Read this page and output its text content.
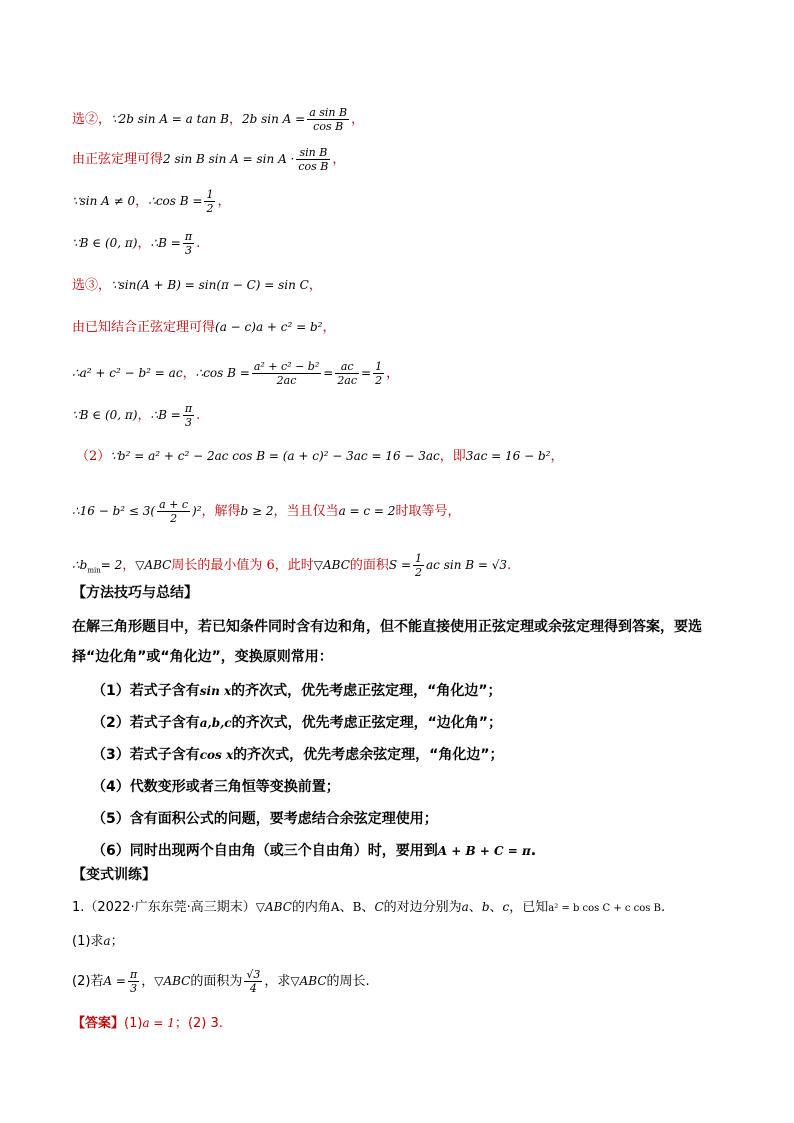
选②，∵2b sin A = a tan B，2b $\sin A = \frac{\text{a sin B}}{\text{cos B}}$ ，
由正弦定理可得2 sin B $\sin A = \sin A \cdot \frac{\text{sin B}}{\text{cos B}}$ ，
∵sin A ≠ 0，∴cos $B = \frac{1}{2}$ ，
∵B ∈ (0, π)，∴B = $\frac{\pi}{3}$ .
选③，∵sin(A + B) = sin(π − C) = sin C，
由已知结合正弦定理可得(a − c)a + c² = b²，
∴a² + c² − b² = ac，∴cos $B = \frac{\text{a² + c² − b²}}{2ac} = \frac{ac}{2ac} = \frac{1}{2}$ ，
∵B ∈ (0, π)，∴B = $\frac{\pi}{3}$ .
（2）∵b² = a² + c² − 2ac cos B = (a + c)² − 3ac = 16 − 3ac，即3ac = 16 − b²，
∴16 − $b^2 \le 3( \frac{a + c}{2} )^2$，解得b ≥ 2，当且仅当a = c = 2时取等号，
$\therefore b_{min}= 2$，▽ABC周长的最小值为 6，此时▽ABC的面积$S = \frac{1}{2}$ ac sin B = √3.
【方法技巧与总结】
在解三角形题目中，若已知条件同时含有边和角，但不能直接使用正弦定理或余弦定理得到答案，要选择“边化角”或“角化边”，变换原则常用：
（1）若式子含有sin x的齐次式，优先考虑正弦定理，“角化边”；
（2）若式子含有a,b,c的齐次式，优先考虑正弦定理，“边化角”；
（3）若式子含有cos x的齐次式，优先考虑余弦定理，“角化边”；
（4）代数变形或者三角恒等变换前置；
（5）含有面积公式的问题，要考虑结合余弦定理使用；
（6）同时出现两个自由角（或三个自由角）时，要用到A + B + C = π.
【变式训练】
1.（2022·广东东莞·高三期末）▽ABC的内角A、B、C的对边分别为a、b、c，已知a² = b cos C + c cos B.
(1)求a；
(2)若$A = \frac{\pi}{3}$ ，▽ABC的面积为 $\frac{√3}{4}$ ，求▽ABC的周长.
【答案】(1)a = 1；(2) 3.
